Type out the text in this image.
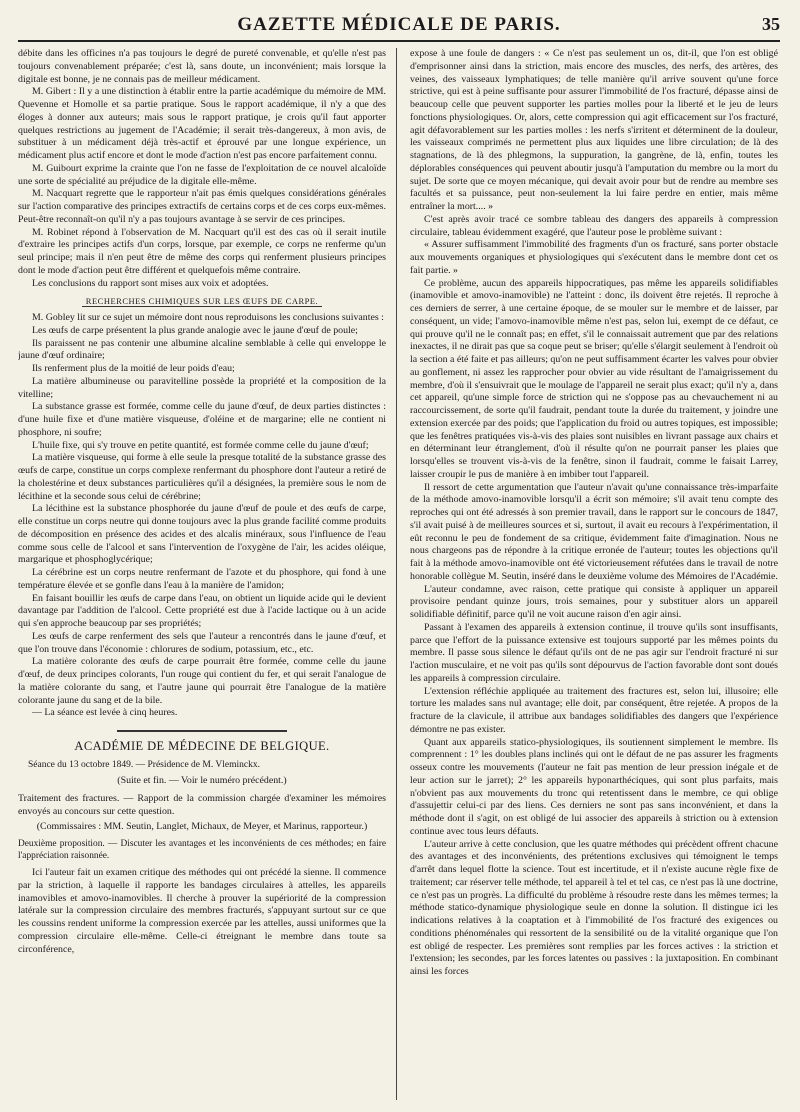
GAZETTE MÉDICALE DE PARIS.	35

débite dans les officines n'a pas toujours le degré de pureté convenable, et qu'elle n'est pas toujours convenablement préparée; c'est là, sans doute, un inconvénient; mais lorsque la digitale est bonne, je ne connais pas de meilleur médicament.

M. Gibert : Il y a une distinction à établir entre la partie académique du mémoire de MM. Quevenne et Homolle et sa partie pratique. Sous le rapport académique, il n'y a que des éloges à donner aux auteurs; mais sous le rapport pratique, je crois qu'il faut apporter quelques restrictions au jugement de l'Académie; il serait très-dangereux, à mon avis, de substituer à un médicament déjà très-actif et éprouvé par une longue expérience, un médicament plus actif encore et dont le mode d'action n'est pas encore parfaitement connu.

M. Guibourt exprime la crainte que l'on ne fasse de l'exploitation de ce nouvel alcaloïde une sorte de spécialité au préjudice de la digitale elle-même.

M. Nacquart regrette que le rapporteur n'ait pas émis quelques considérations générales sur l'action comparative des principes extractifs de certains corps et de ces corps eux-mêmes. Peut-être reconnaît-on qu'il n'y a pas toujours avantage à se servir de ces principes.

M. Robinet répond à l'observation de M. Nacquart qu'il est des cas où il serait inutile d'extraire les principes actifs d'un corps, lorsque, par exemple, ce corps ne renferme qu'un seul principe; mais il n'en peut être de même des corps qui renferment plusieurs principes dont le mode d'action peut être différent et quelquefois même contraire.

Les conclusions du rapport sont mises aux voix et adoptées.

RECHERCHES CHIMIQUES SUR LES ŒUFS DE CARPE.

M. Gobley lit sur ce sujet un mémoire dont nous reproduisons les conclusions suivantes :

Les œufs de carpe présentent la plus grande analogie avec le jaune d'œuf de poule;

Ils paraissent ne pas contenir une albumine alcaline semblable à celle qui enveloppe le jaune d'œuf ordinaire;

Ils renferment plus de la moitié de leur poids d'eau;

La matière albumineuse ou paravitelline possède la propriété et la composition de la vitelline;

La substance grasse est formée, comme celle du jaune d'œuf, de deux parties distinctes : d'une huile fixe et d'une matière visqueuse, d'oléine et de margarine; elle ne contient ni phosphore, ni soufre;

L'huile fixe, qui s'y trouve en petite quantité, est formée comme celle du jaune d'œuf;

La matière visqueuse, qui forme à elle seule la presque totalité de la substance grasse des œufs de carpe, constitue un corps complexe renfermant du phosphore dont l'auteur a retiré de la cholestérine et deux substances particulières qu'il a désignées, la première sous le nom de lécithine et la seconde sous celui de cérébrine;

La lécithine est la substance phosphorée du jaune d'œuf de poule et des œufs de carpe, elle constitue un corps neutre qui donne toujours avec la plus grande facilité comme produits de décomposition en présence des acides et des alcalis minéraux, sous l'influence de l'eau comme sous celle de l'alcool et sans l'intervention de l'oxygène de l'air, les acides oléique, margarique et phosphoglycérique;

La cérébrine est un corps neutre renfermant de l'azote et du phosphore, qui fond à une température élevée et se gonfle dans l'eau à la manière de l'amidon;

En faisant bouillir les œufs de carpe dans l'eau, on obtient un liquide acide qui le devient davantage par l'addition de l'alcool. Cette propriété est due à l'acide lactique ou à un acide qui s'en approche beaucoup par ses propriétés;

Les œufs de carpe renferment des sels que l'auteur a rencontrés dans le jaune d'œuf, et que l'on trouve dans l'économie : chlorures de sodium, potassium, etc., etc.

La matière colorante des œufs de carpe pourrait être formée, comme celle du jaune d'œuf, de deux principes colorants, l'un rouge qui contient du fer, et qui serait l'analogue de la matière colorante du sang, et l'autre jaune qui pourrait être l'analogue de la matière colorante jaune du sang et de la bile.

— La séance est levée à cinq heures.

ACADÉMIE DE MÉDECINE DE BELGIQUE.

Séance du 13 octobre 1849. — Présidence de M. Vleminckx.

(Suite et fin. — Voir le numéro précédent.)

Traitement des fractures. — Rapport de la commission chargée d'examiner les mémoires envoyés au concours sur cette question.

(Commissaires : MM. Seutin, Langlet, Michaux, de Meyer, et Marinus, rapporteur.)

Deuxième proposition. — Discuter les avantages et les inconvénients de ces méthodes; en faire l'appréciation raisonnée.

Ici l'auteur fait un examen critique des méthodes qui ont précédé la sienne. Il commence par la striction, à laquelle il rapporte les bandages circulaires à attelles, les appareils inamovibles et amovo-inamovibles. Il cherche à prouver la supériorité de la compression latérale sur la compression circulaire des membres fracturés, s'appuyant surtout sur ce que les coussins rendent uniforme la compression exercée par les attelles, aussi uniformes que la compression circulaire elle-même. Celle-ci étreignant le membre dans toute sa circonférence,

expose à une foule de dangers : « Ce n'est pas seulement un os, dit-il, que l'on est obligé d'emprisonner ainsi dans la striction, mais encore des muscles, des nerfs, des artères, des veines, des vaisseaux lymphatiques; de telle manière qu'il arrive souvent qu'une force strictive, qui est à peine suffisante pour assurer l'immobilité de l'os fracturé, dépasse ainsi de beaucoup celle que peuvent supporter les parties molles pour la liberté et le jeu de leurs fonctions physiologiques. Or, alors, cette compression qui agit efficacement sur l'os fracturé, agit défavorablement sur les parties molles : les nerfs s'irritent et déterminent de la douleur, les vaisseaux comprimés ne permettent plus aux liquides une libre circulation; de là des stagnations, de là des phlegmons, la suppuration, la gangrène, de là, enfin, toutes les déplorables conséquences qui peuvent aboutir jusqu'à l'amputation du membre ou la mort du sujet. De sorte que ce moyen mécanique, qui devait avoir pour but de rendre au membre ses facultés et sa puissance, peut non-seulement la lui faire perdre en entier, mais même entraîner la mort.... »

C'est après avoir tracé ce sombre tableau des dangers des appareils à compression circulaire, tableau évidemment exagéré, que l'auteur pose le problème suivant :

« Assurer suffisamment l'immobilité des fragments d'un os fracturé, sans porter obstacle aux mouvements organiques et physiologiques qui s'exécutent dans le membre dont cet os fait partie. »

Ce problème, aucun des appareils hippocratiques, pas même les appareils solidifiables (inamovible et amovo-inamovible) ne l'atteint : donc, ils doivent être rejetés. Il reproche à ces derniers de serrer, à une certaine époque, de se mouler sur le membre et de laisser, par conséquent, un vide; l'amovo-inamovible même n'est pas, selon lui, exempt de ce défaut, ce qui prouve qu'il ne le connaît pas; en effet, s'il le connaissait autrement que par des relations inexactes, il ne dirait pas que sa coque peut se briser; qu'elle s'élargit seulement à l'endroit où la section a été faite et pas ailleurs; qu'on ne peut suffisamment écarter les valves pour obvier au gonflement, ni assez les rapprocher pour obvier au vide résultant de l'amaigrissement du membre, d'où il s'ensuivrait que le moulage de l'appareil ne serait plus exact; qu'il n'y a, dans cet appareil, qu'une simple force de striction qui ne s'oppose pas au chevauchement ni au raccourcissement, de sorte qu'il faudrait, pendant toute la durée du traitement, y joindre une extension exercée par des poids; que l'application du froid ou autres topiques, est impossible; que les fenêtres pratiquées vis-à-vis des plaies sont nuisibles en livrant passage aux chairs et en déterminant leur étranglement, d'où il résulte qu'on ne pourrait panser les plaies que lorsqu'elles se trouvent vis-à-vis de la fenêtre, sinon il faudrait, comme le faisait Larrey, laisser croupir le pus de manière à en imbiber tout l'appareil.

Il ressort de cette argumentation que l'auteur n'avait qu'une connaissance très-imparfaite de la méthode amovo-inamovible lorsqu'il a écrit son mémoire; s'il avait tenu compte des reproches qui ont été adressés à son premier travail, dans le rapport sur le concours de 1847, s'il avait puisé à de meilleures sources et si, surtout, il avait eu recours à l'expérimentation, il eût reconnu le peu de fondement de sa critique, évidemment faite d'imagination. Nous ne nous chargeons pas de répondre à la critique erronée de l'auteur; toutes les objections qu'il fait à la méthode amovo-inamovible ont été victorieusement réfutées dans le travail de notre honorable collègue M. Seutin, inséré dans le deuxième volume des Mémoires de l'Académie.

L'auteur condamne, avec raison, cette pratique qui consiste à appliquer un appareil provisoire pendant quinze jours, trois semaines, pour y substituer alors un appareil solidifiable définitif, parce qu'il ne voit aucune raison d'en agir ainsi.

Passant à l'examen des appareils à extension continue, il trouve qu'ils sont insuffisants, parce que l'effort de la puissance extensive est toujours supporté par les mêmes points du membre. Il passe sous silence le défaut qu'ils ont de ne pas agir sur l'endroit fracturé ni sur l'action musculaire, et ne voit pas qu'ils sont dépourvus de l'action favorable dont sont doués les appareils à compression circulaire.

L'extension réfléchie appliquée au traitement des fractures est, selon lui, illusoire; elle torture les malades sans nul avantage; elle doit, par conséquent, être rejetée. A propos de la fracture de la clavicule, il attribue aux bandages solidifiables des dangers que l'expérience démontre ne pas exister.

Quant aux appareils statico-physiologiques, ils soutiennent simplement le membre. Ils comprennent : 1° les doubles plans inclinés qui ont le défaut de ne pas assurer les fragments osseux contre les mouvements (l'auteur ne fait pas mention de leur pression inégale et de leur action sur le jarret); 2° les appareils hyponarthéciques, qui sont plus parfaits, mais n'obvient pas aux mouvements du tronc qui retentissent dans le membre, ce qui oblige d'assujettir celui-ci par des liens. Ces derniers ne sont pas sans inconvénient, et dans la méthode dont il s'agit, on est obligé de lui associer des appareils à striction ou à extension continue avec tous leurs défauts.

L'auteur arrive à cette conclusion, que les quatre méthodes qui précèdent offrent chacune des avantages et des inconvénients, des prétentions exclusives qui témoignent le temps d'arrêt dans lequel flotte la science. Tout est incertitude, et il n'existe aucune règle fixe de traitement; car réserver telle méthode, tel appareil à tel et tel cas, ce n'est pas là une doctrine, ce n'est pas un progrès. La difficulté du problème à résoudre reste dans les mêmes termes; la méthode statico-dynamique physiologique seule en donne la solution. Il distingue ici les indications relatives à la coaptation et à l'immobilité de l'os fracturé des exigences ou conditions phénoménales qui ressortent de la sensibilité ou de la vitalité organique que l'on est obligé de respecter. Les premières sont remplies par les forces actives : la striction et l'extension; les secondes, par les forces latentes ou passives : la juxtaposition. En combinant ainsi les forces
